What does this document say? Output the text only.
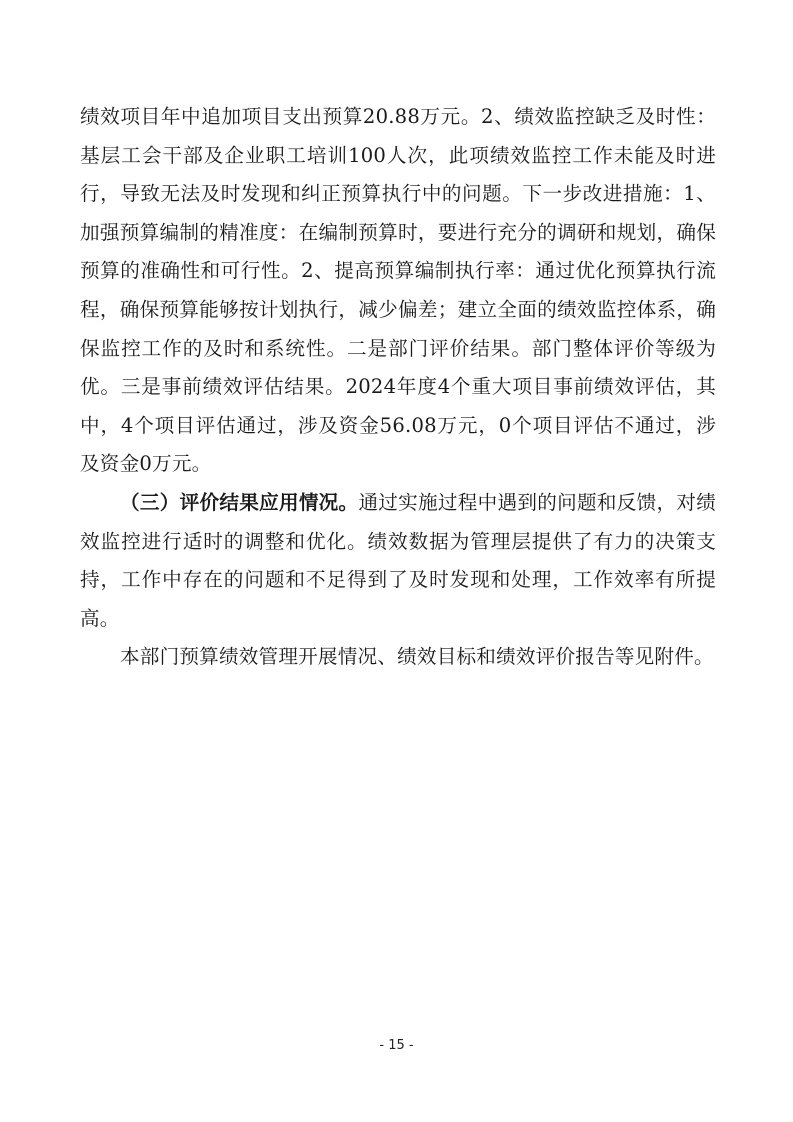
绩效项目年中追加项目支出预算20.88万元。2、绩效监控缺乏及时性：基层工会干部及企业职工培训100人次，此项绩效监控工作未能及时进行，导致无法及时发现和纠正预算执行中的问题。下一步改进措施：1、加强预算编制的精准度：在编制预算时，要进行充分的调研和规划，确保预算的准确性和可行性。2、提高预算编制执行率：通过优化预算执行流程，确保预算能够按计划执行，减少偏差；建立全面的绩效监控体系，确保监控工作的及时和系统性。二是部门评价结果。部门整体评价等级为优。三是事前绩效评估结果。2024年度4个重大项目事前绩效评估，其中，4个项目评估通过，涉及资金56.08万元，0个项目评估不通过，涉及资金0万元。

（三）评价结果应用情况。通过实施过程中遇到的问题和反馈，对绩效监控进行适时的调整和优化。绩效数据为管理层提供了有力的决策支持，工作中存在的问题和不足得到了及时发现和处理，工作效率有所提高。

本部门预算绩效管理开展情况、绩效目标和绩效评价报告等见附件。

- 15 -
